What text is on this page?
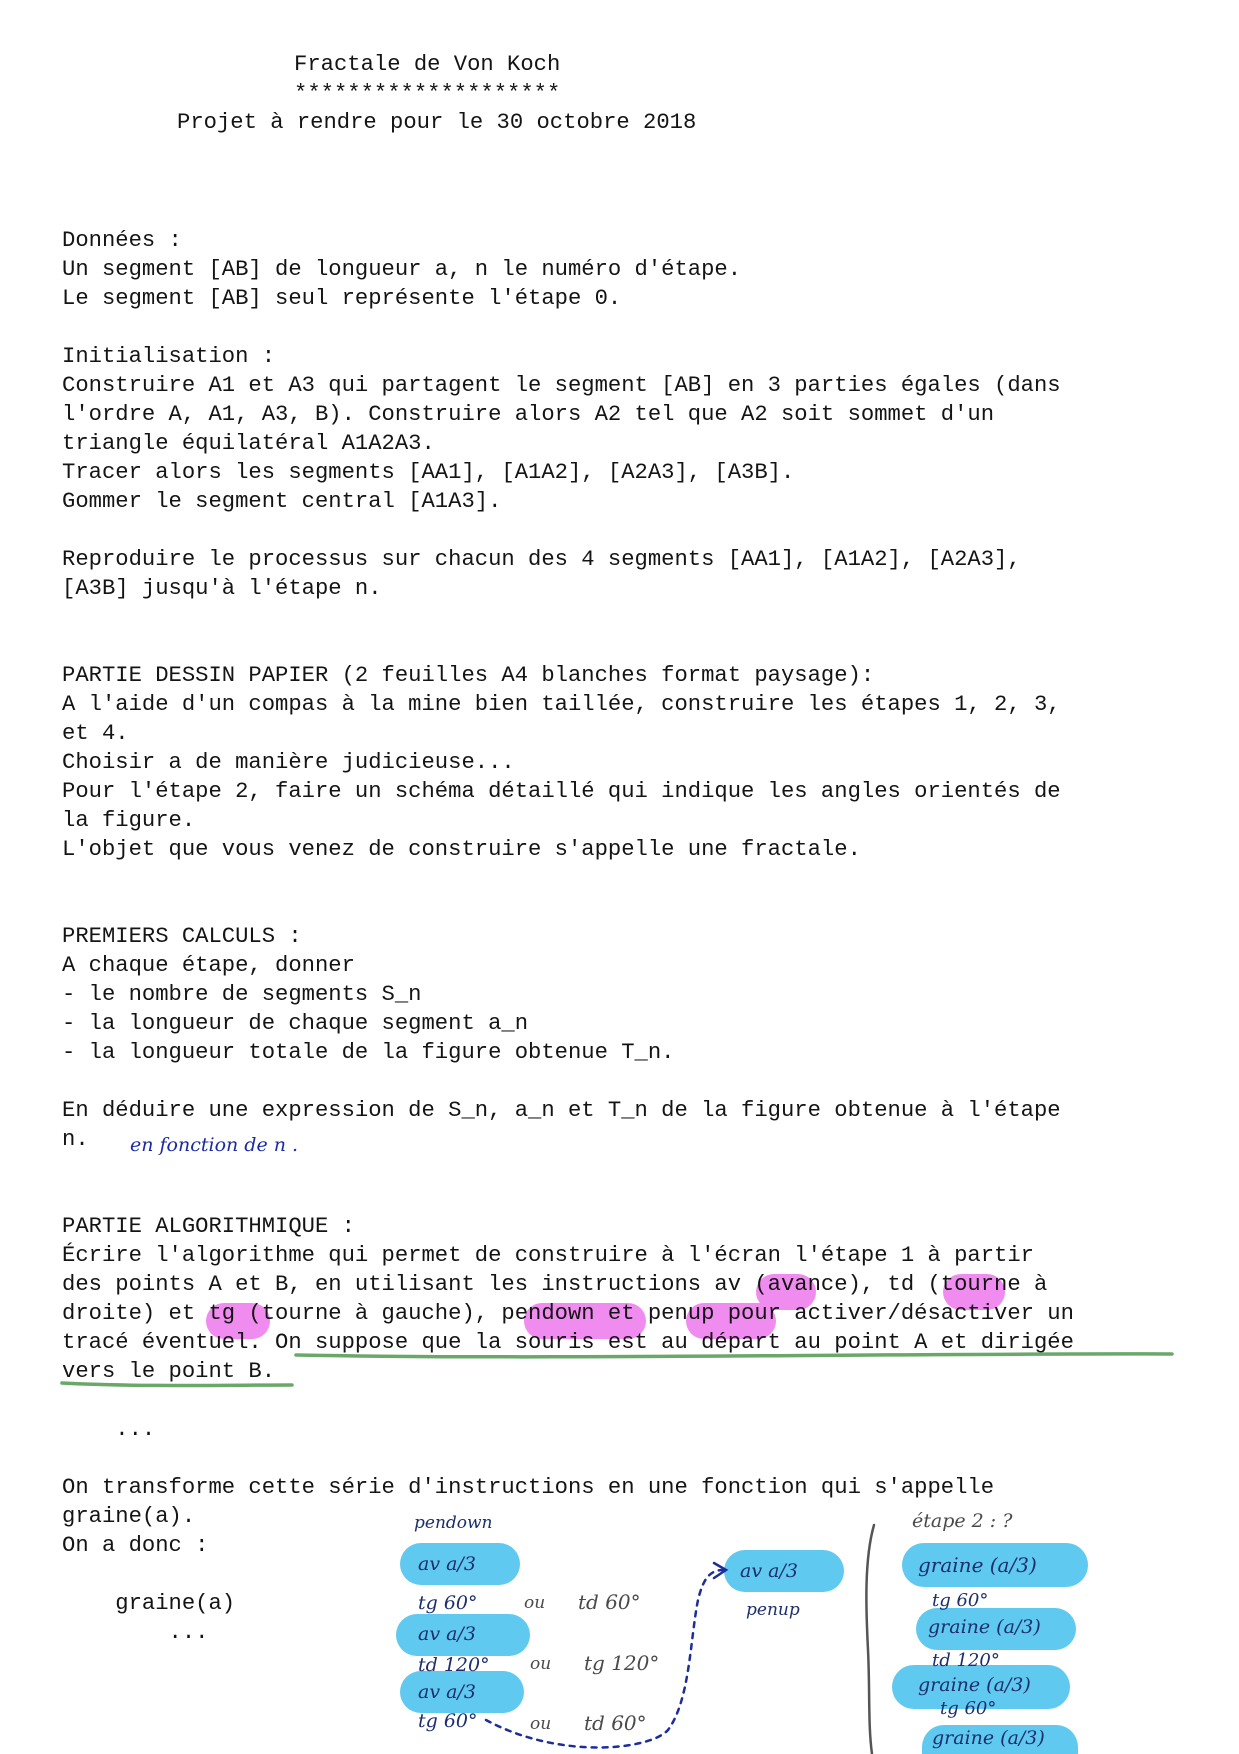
Fractale de Von Koch
********************
Projet à rendre pour le 30 octobre 2018
Données :
Un segment [AB] de longueur a, n le numéro d'étape.
Le segment [AB] seul représente l'étape 0.
Initialisation :
Construire A1 et A3 qui partagent le segment [AB] en 3 parties égales (dans
l'ordre A, A1, A3, B). Construire alors A2 tel que A2 soit sommet d'un
triangle équilatéral A1A2A3.
Tracer alors les segments [AA1], [A1A2], [A2A3], [A3B].
Gommer le segment central [A1A3].
Reproduire le processus sur chacun des 4 segments [AA1], [A1A2], [A2A3],
[A3B] jusqu'à l'étape n.
PARTIE DESSIN PAPIER (2 feuilles A4 blanches format paysage):
A l'aide d'un compas à la mine bien taillée, construire les étapes 1, 2, 3,
et 4.
Choisir a de manière judicieuse...
Pour l'étape 2, faire un schéma détaillé qui indique les angles orientés de
la figure.
L'objet que vous venez de construire s'appelle une fractale.
PREMIERS CALCULS :
A chaque étape, donner
- le nombre de segments S_n
- la longueur de chaque segment a_n
- la longueur totale de la figure obtenue T_n.
En déduire une expression de S_n, a_n et T_n de la figure obtenue à l'étape
n.
PARTIE ALGORITHMIQUE :
Écrire l'algorithme qui permet de construire à l'écran l'étape 1 à partir
des points A et B, en utilisant les instructions av (avance), td (tourne à
droite) et tg (tourne à gauche), pendown et penup pour activer/désactiver un
tracé éventuel. On suppose que la souris est au départ au point A et dirigée
vers le point B.
...
On transforme cette série d'instructions en une fonction qui s'appelle
graine(a).
On a donc :
graine(a)
...
en fonction de n .
pendown	étape 2 : ?
av a/3
tg 60°
av a/3
td 120°
av a/3
tg 60°
ou td 60°
ou tg 120°
ou td 60°
av a/3
penup
graine (a/3)
tg 60°
graine (a/3)
td 120°
graine (a/3)
tg 60°
graine (a/3)
